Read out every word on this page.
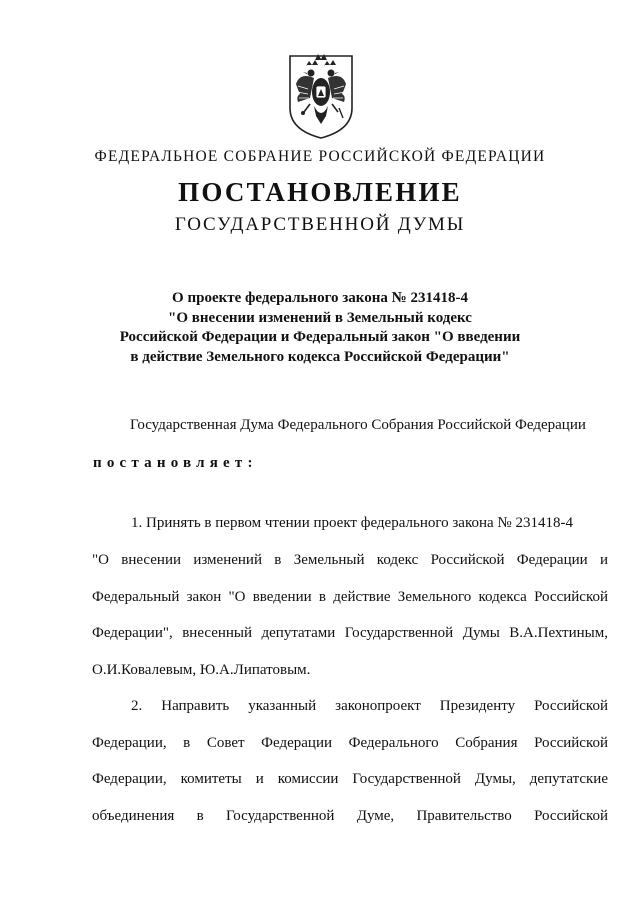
ФЕДЕРАЛЬНОЕ СОБРАНИЕ РОССИЙСКОЙ ФЕДЕРАЦИИ
ПОСТАНОВЛЕНИЕ
ГОСУДАРСТВЕННОЙ ДУМЫ
О проекте федерального закона № 231418-4
"О внесении изменений в Земельный кодекс
Российской Федерации и Федеральный закон "О введении
в действие Земельного кодекса Российской Федерации"
Государственная Дума Федерального Собрания Российской Федерации
постановляет:
1. Принять в первом чтении проект федерального закона № 231418-4
"О внесении изменений в Земельный кодекс Российской Федерации и
Федеральный закон "О введении в действие Земельного кодекса Российской
Федерации", внесенный депутатами Государственной Думы В.А.Пехтиным,
О.И.Ковалевым, Ю.А.Липатовым.
2. Направить указанный законопроект Президенту Российской
Федерации, в Совет Федерации Федерального Собрания Российской
Федерации, комитеты и комиссии Государственной Думы, депутатские
объединения в Государственной Думе, Правительство Российской
